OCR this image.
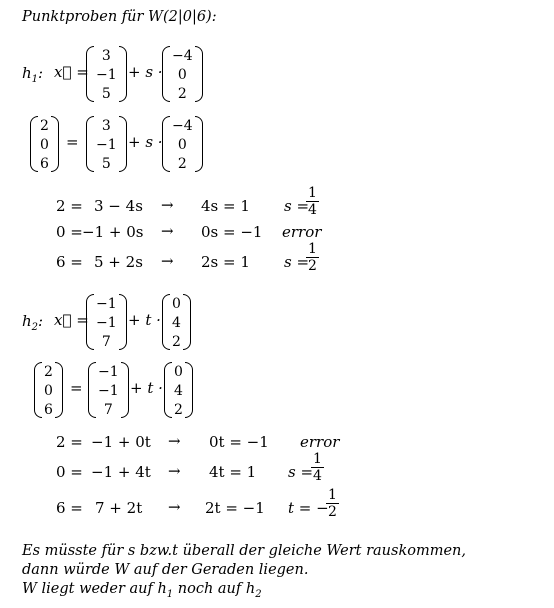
Punktproben für W(2|0|6):
$h_1$: x⃗ =
3
−1
5
+ s ·
−4
0
2
2
0
6
=
3
−1
5
+ s ·
−4
0
2
2 = 3 − 4s → 4s = 1 s =
$\frac{1}{4}$
0 = −1 + 0s → 0s = −1 error
6 = 5 + 2s → 2s = 1 s =
$\frac{1}{2}$
$h_2$: x⃗ =
−1
−1
7
+ t ·
0
4
2
2
0
6
=
−1
−1
7
+ t ·
0
4
2
2 = −1 + 0t → 0t = −1 error
0 = −1 + 4t → 4t = 1 s =
$\frac{1}{4}$
6 = 7 + 2t → 2t = −1 t = −
$\frac{1}{2}$
Es müsste für s bzw.t überall der gleiche Wert rauskommen,
dann würde W auf der Geraden liegen.
W liegt weder auf $h_1$ noch auf $h_2$
